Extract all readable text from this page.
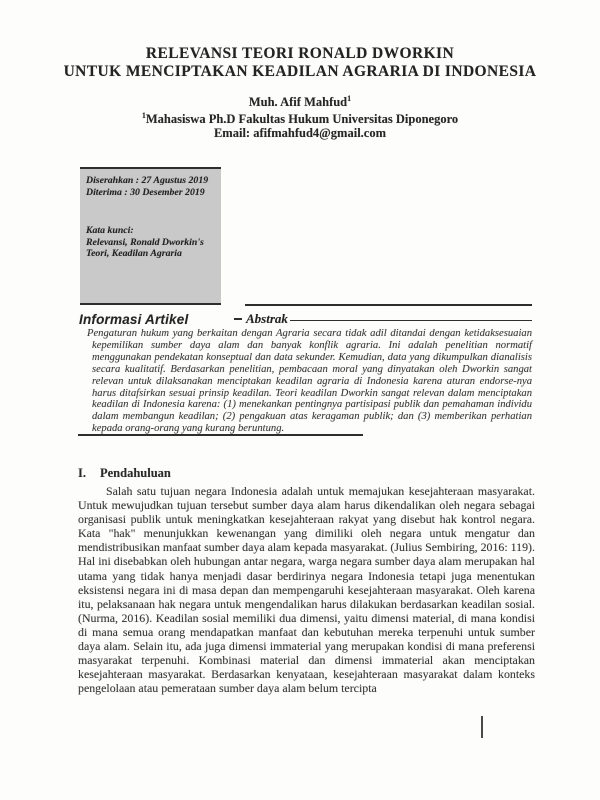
RELEVANSI TEORI RONALD DWORKIN
UNTUK MENCIPTAKAN KEADILAN AGRARIA DI INDONESIA
Muh. Afif Mahfud$^1$
$^1$Mahasiswa Ph.D Fakultas Hukum Universitas Diponegoro
Email: afifmahfud4@gmail.com
Diserahkan : 27 Agustus 2019
Diterima : 30 Desember 2019
Kata kunci:
Relevansi, Ronald Dworkin's
Teori, Keadilan Agraria
Informasi Artikel	Abstrak
Pengaturan hukum yang berkaitan dengan Agraria secara tidak adil ditandai dengan ketidaksesuaian kepemilikan sumber daya alam dan banyak konflik agraria. Ini adalah penelitian normatif menggunakan pendekatan konseptual dan data sekunder. Kemudian, data yang dikumpulkan dianalisis secara kualitatif. Berdasarkan penelitian, pembacaan moral yang dinyatakan oleh Dworkin sangat relevan untuk dilaksanakan menciptakan keadilan agraria di Indonesia karena aturan endorse-nya harus ditafsirkan sesuai prinsip keadilan. Teori keadilan Dworkin sangat relevan dalam menciptakan keadilan di Indonesia karena: (1) menekankan pentingnya partisipasi publik dan pemahaman individu dalam membangun keadilan; (2) pengakuan atas keragaman publik; dan (3) memberikan perhatian kepada orang-orang yang kurang beruntung.
I. Pendahuluan
Salah satu tujuan negara Indonesia adalah untuk memajukan kesejahteraan masyarakat. Untuk mewujudkan tujuan tersebut sumber daya alam harus dikendalikan oleh negara sebagai organisasi publik untuk meningkatkan kesejahteraan rakyat yang disebut hak kontrol negara. Kata "hak" menunjukkan kewenangan yang dimiliki oleh negara untuk mengatur dan mendistribusikan manfaat sumber daya alam kepada masyarakat. (Julius Sembiring, 2016: 119). Hal ini disebabkan oleh hubungan antar negara, warga negara sumber daya alam merupakan hal utama yang tidak hanya menjadi dasar berdirinya negara Indonesia tetapi juga menentukan eksistensi negara ini di masa depan dan mempengaruhi kesejahteraan masyarakat. Oleh karena itu, pelaksanaan hak negara untuk mengendalikan harus dilakukan berdasarkan keadilan sosial. (Nurma, 2016). Keadilan sosial memiliki dua dimensi, yaitu dimensi material, di mana kondisi di mana semua orang mendapatkan manfaat dan kebutuhan mereka terpenuhi untuk sumber daya alam. Selain itu, ada juga dimensi immaterial yang merupakan kondisi di mana preferensi masyarakat terpenuhi. Kombinasi material dan dimensi immaterial akan menciptakan kesejahteraan masyarakat. Berdasarkan kenyataan, kesejahteraan masyarakat dalam konteks pengelolaan atau pemerataan sumber daya alam belum tercipta
